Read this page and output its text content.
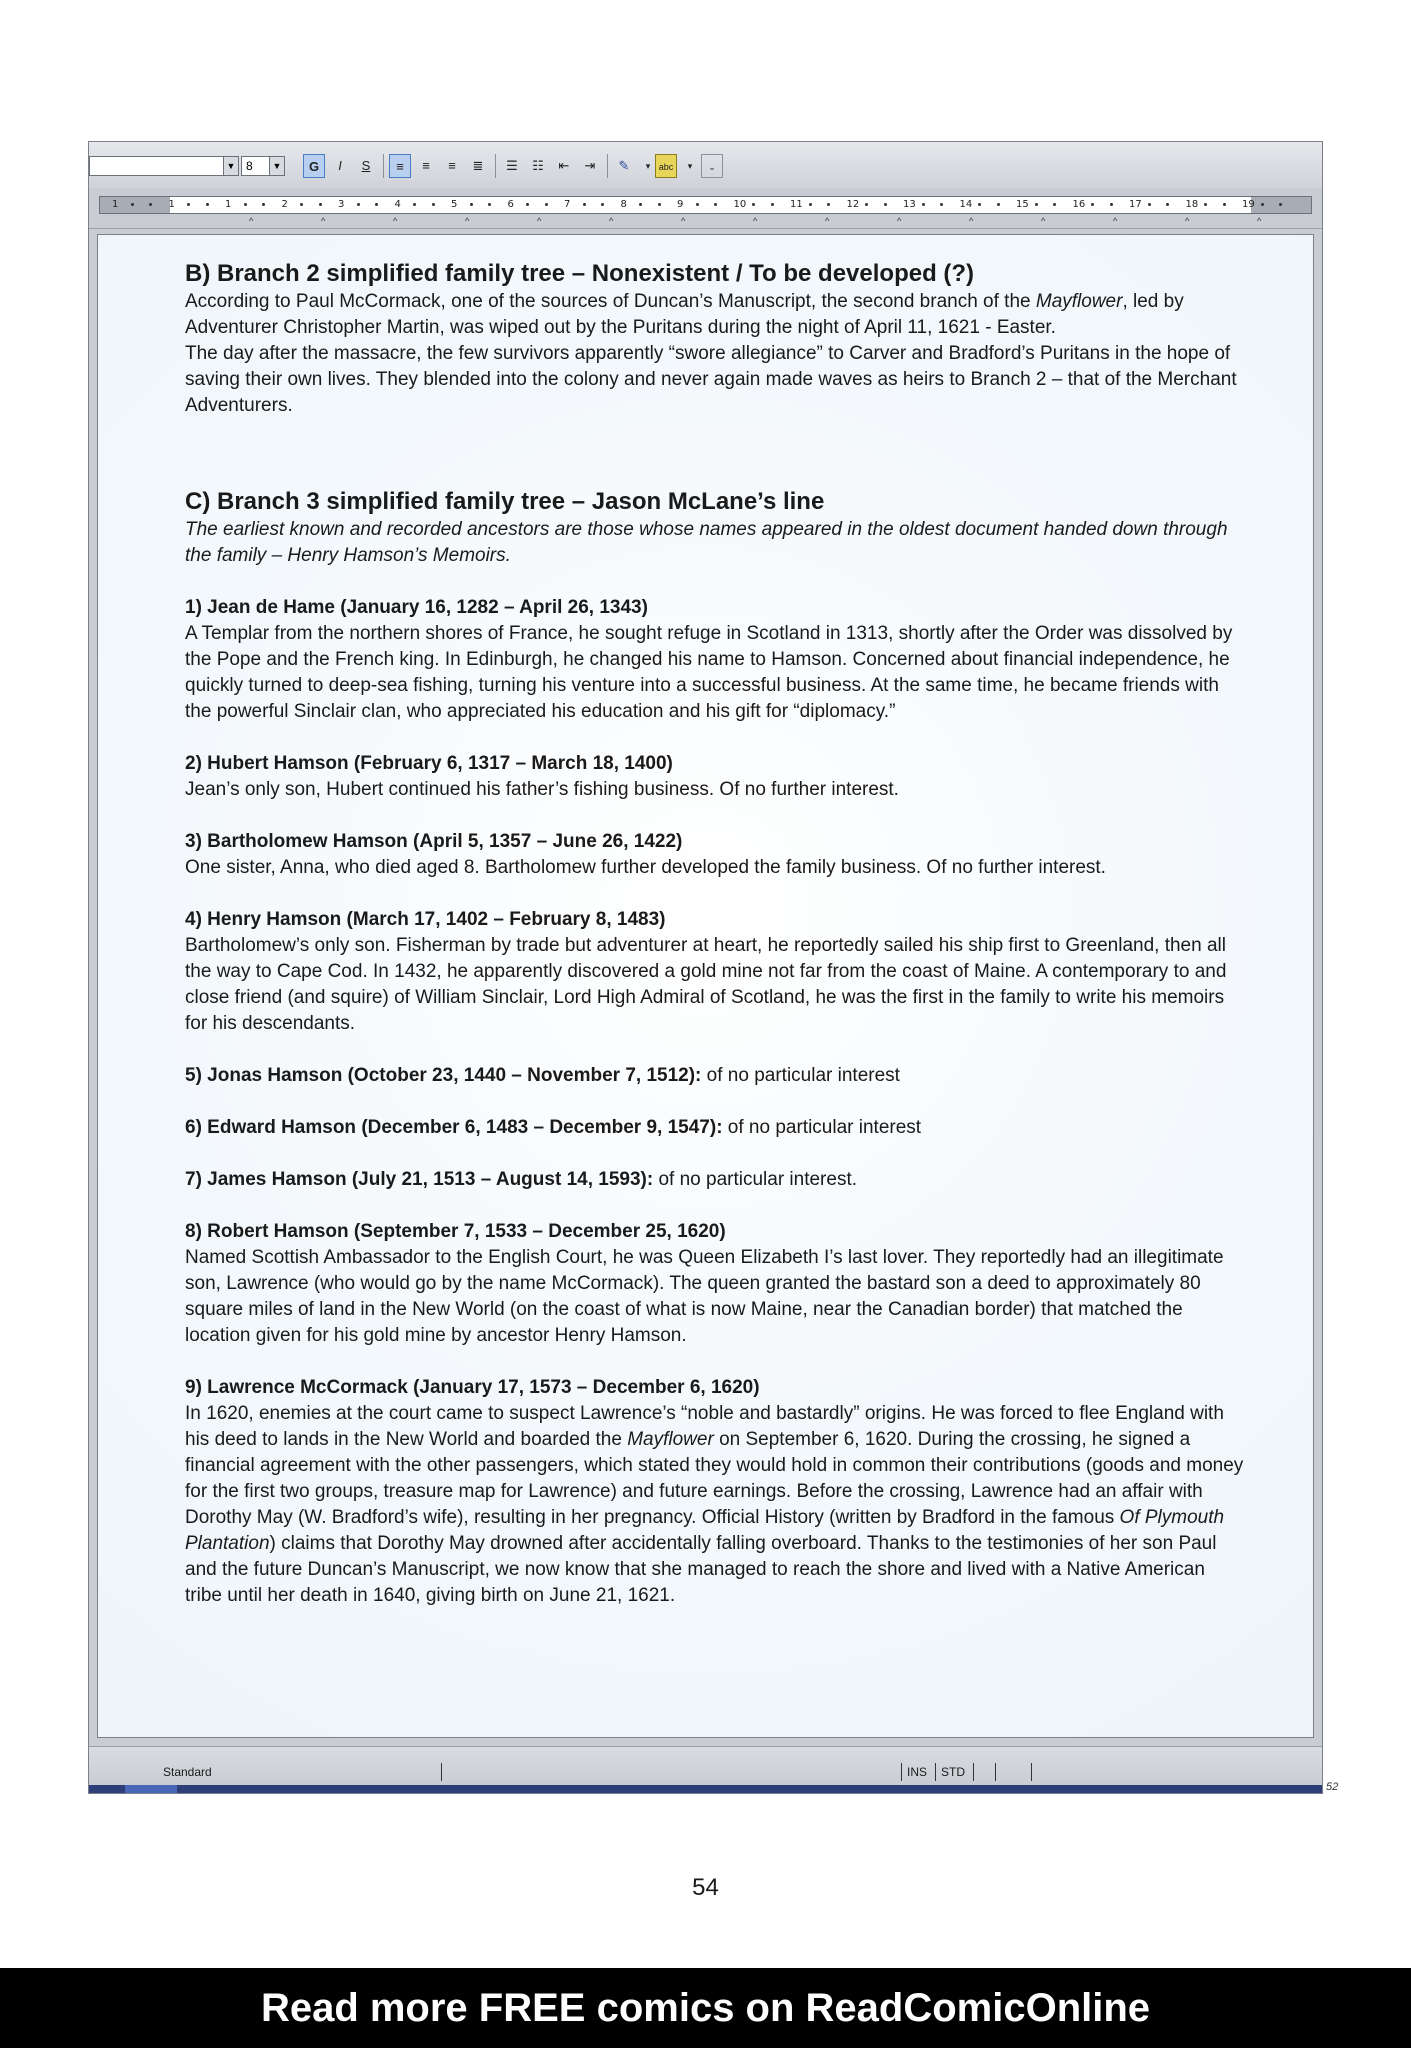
▼ 8	▼	G	I	S	≡	≡	≡	≣	☰	☷	⇤	⇥	✎	▾ abc	▾	⌄
1	1	1	2	3	4	5	6	7	8	9	10	11	12	13	14	15	16	17	18	19
^	^	^	^	^	^	^	^	^	^	^	^	^	^	^
B) Branch 2 simplified family tree – Nonexistent / To be developed (?)

According to Paul McCormack, one of the sources of Duncan’s Manuscript, the second branch of the Mayflower, led by Adventurer Christopher Martin, was wiped out by the Puritans during the night of April 11, 1621 - Easter.

The day after the massacre, the few survivors apparently “swore allegiance” to Carver and Bradford’s Puritans in the hope of saving their own lives. They blended into the colony and never again made waves as heirs to Branch 2 – that of the Merchant Adventurers.

C) Branch 3 simplified family tree – Jason McLane’s line

The earliest known and recorded ancestors are those whose names appeared in the oldest document handed down through the family – Henry Hamson’s Memoirs.

1) Jean de Hame (January 16, 1282 – April 26, 1343)

A Templar from the northern shores of France, he sought refuge in Scotland in 1313, shortly after the Order was dissolved by the Pope and the French king. In Edinburgh, he changed his name to Hamson. Concerned about financial independence, he quickly turned to deep-sea fishing, turning his venture into a successful business. At the same time, he became friends with the powerful Sinclair clan, who appreciated his education and his gift for “diplomacy.”

2) Hubert Hamson (February 6, 1317 – March 18, 1400)

Jean’s only son, Hubert continued his father’s fishing business. Of no further interest.

3) Bartholomew Hamson (April 5, 1357 – June 26, 1422)

One sister, Anna, who died aged 8. Bartholomew further developed the family business. Of no further interest.

4) Henry Hamson (March 17, 1402 – February 8, 1483)

Bartholomew’s only son. Fisherman by trade but adventurer at heart, he reportedly sailed his ship first to Greenland, then all the way to Cape Cod. In 1432, he apparently discovered a gold mine not far from the coast of Maine. A contemporary to and close friend (and squire) of William Sinclair, Lord High Admiral of Scotland, he was the first in the family to write his memoirs for his descendants.

5) Jonas Hamson (October 23, 1440 – November 7, 1512): of no particular interest

6) Edward Hamson (December 6, 1483 – December 9, 1547): of no particular interest

7) James Hamson (July 21, 1513 – August 14, 1593): of no particular interest.

8) Robert Hamson (September 7, 1533 – December 25, 1620)

Named Scottish Ambassador to the English Court, he was Queen Elizabeth I’s last lover. They reportedly had an illegitimate son, Lawrence (who would go by the name McCormack). The queen granted the bastard son a deed to approximately 80 square miles of land in the New World (on the coast of what is now Maine, near the Canadian border) that matched the location given for his gold mine by ancestor Henry Hamson.

9) Lawrence McCormack (January 17, 1573 – December 6, 1620)

In 1620, enemies at the court came to suspect Lawrence’s “noble and bastardly” origins. He was forced to flee England with his deed to lands in the New World and boarded the Mayflower on September 6, 1620. During the crossing, he signed a financial agreement with the other passengers, which stated they would hold in common their contributions (goods and money for the first two groups, treasure map for Lawrence) and future earnings. Before the crossing, Lawrence had an affair with Dorothy May (W. Bradford’s wife), resulting in her pregnancy. Official History (written by Bradford in the famous Of Plymouth Plantation) claims that Dorothy May drowned after accidentally falling overboard. Thanks to the testimonies of her son Paul and the future Duncan’s Manuscript, we now know that she managed to reach the shore and lived with a Native American tribe until her death in 1640, giving birth on June 21, 1621.

Standard	INS STD
52
54
Read more FREE comics on ReadComicOnline
